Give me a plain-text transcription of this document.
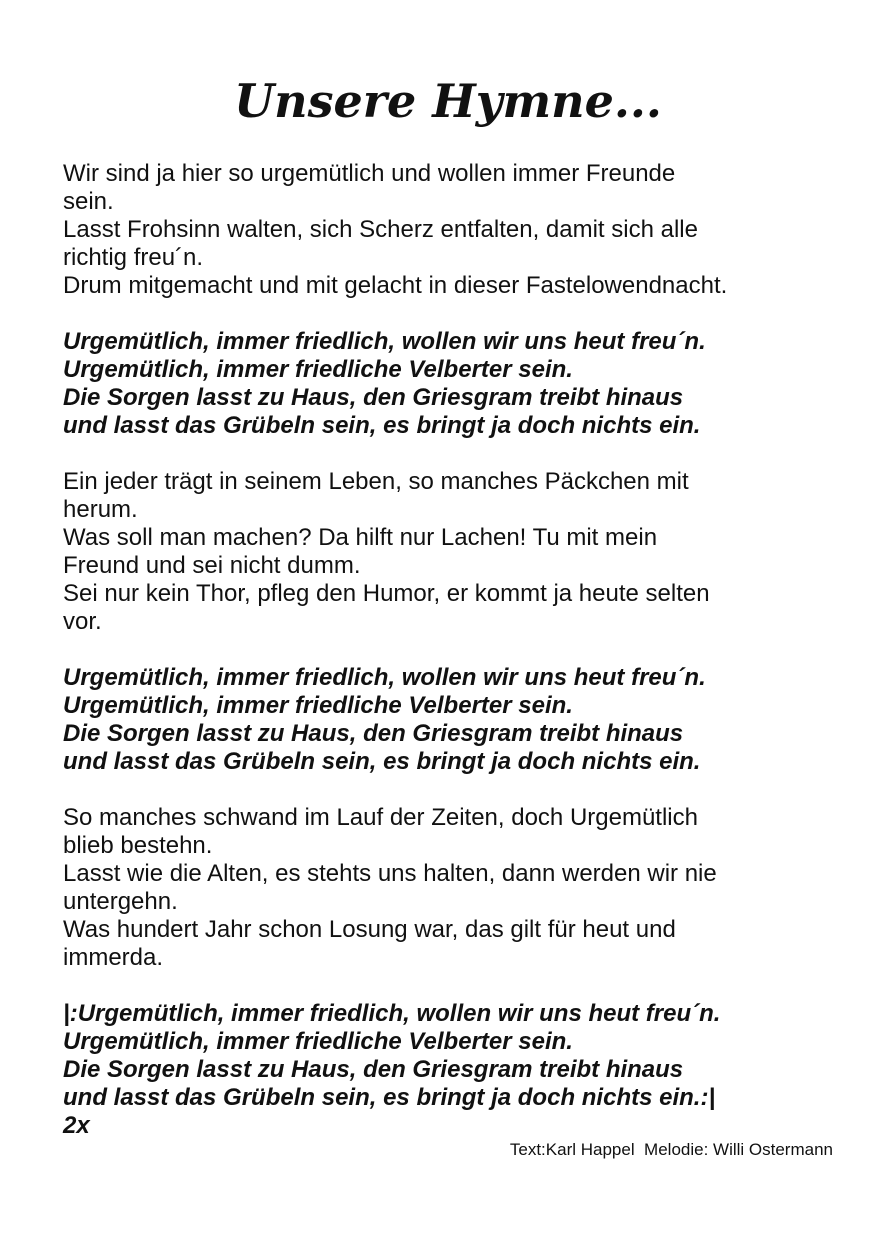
Unsere Hymne...
Wir sind ja hier so urgemütlich und wollen immer Freunde
sein.
Lasst Frohsinn walten, sich Scherz entfalten, damit sich alle
richtig freu´n.
Drum mitgemacht und mit gelacht in dieser Fastelowendnacht.
Urgemütlich, immer friedlich, wollen wir uns heut freu´n.
Urgemütlich, immer friedliche Velberter sein.
Die Sorgen lasst zu Haus, den Griesgram treibt hinaus
und lasst das Grübeln sein, es bringt ja doch nichts ein.
Ein jeder trägt in seinem Leben, so manches Päckchen mit
herum.
Was soll man machen? Da hilft nur Lachen! Tu mit mein
Freund und sei nicht dumm.
Sei nur kein Thor, pfleg den Humor, er kommt ja heute selten
vor.
Urgemütlich, immer friedlich, wollen wir uns heut freu´n.
Urgemütlich, immer friedliche Velberter sein.
Die Sorgen lasst zu Haus, den Griesgram treibt hinaus
und lasst das Grübeln sein, es bringt ja doch nichts ein.
So manches schwand im Lauf der Zeiten, doch Urgemütlich
blieb bestehn.
Lasst wie die Alten, es stehts uns halten, dann werden wir nie
untergehn.
Was hundert Jahr schon Losung war, das gilt für heut und
immerda.
|:Urgemütlich, immer friedlich, wollen wir uns heut freu´n.
Urgemütlich, immer friedliche Velberter sein.
Die Sorgen lasst zu Haus, den Griesgram treibt hinaus
und lasst das Grübeln sein, es bringt ja doch nichts ein.:|
2x
Text:Karl Happel  Melodie: Willi Ostermann
